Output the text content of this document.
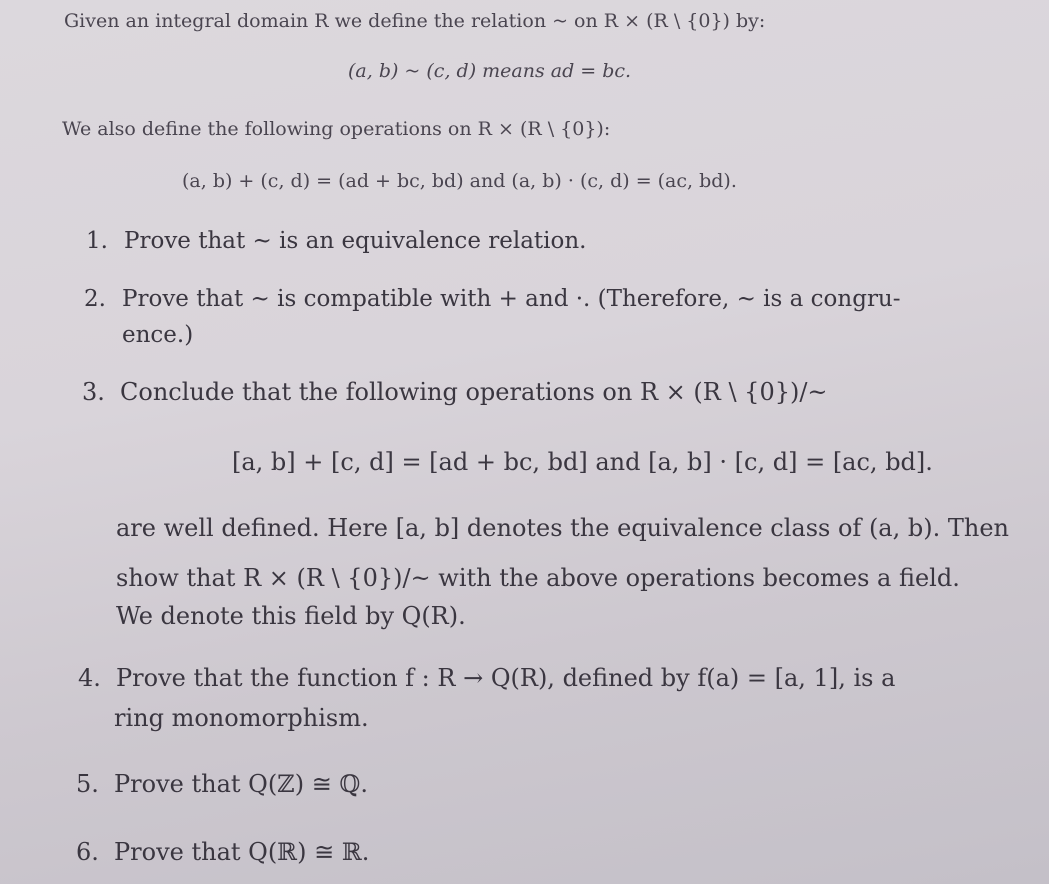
Given an integral domain R we define the relation ~ on R × (R \ {0}) by:
(a, b) ~ (c, d) means ad = bc.
We also define the following operations on R × (R \ {0}):
(a, b) + (c, d) = (ad + bc, bd) and (a, b) · (c, d) = (ac, bd).
1. Prove that ~ is an equivalence relation.
2. Prove that ~ is compatible with + and ·. (Therefore, ~ is a congru-
ence.)
3. Conclude that the following operations on R × (R \ {0})/~
[a, b] + [c, d] = [ad + bc, bd] and [a, b] · [c, d] = [ac, bd].
are well defined. Here [a, b] denotes the equivalence class of (a, b). Then
show that R × (R \ {0})/~ with the above operations becomes a field.
We denote this field by Q(R).
4. Prove that the function f : R → Q(R), defined by f(a) = [a, 1], is a
ring monomorphism.
5. Prove that Q(ℤ) ≅ ℚ.
6. Prove that Q(ℝ) ≅ ℝ.
